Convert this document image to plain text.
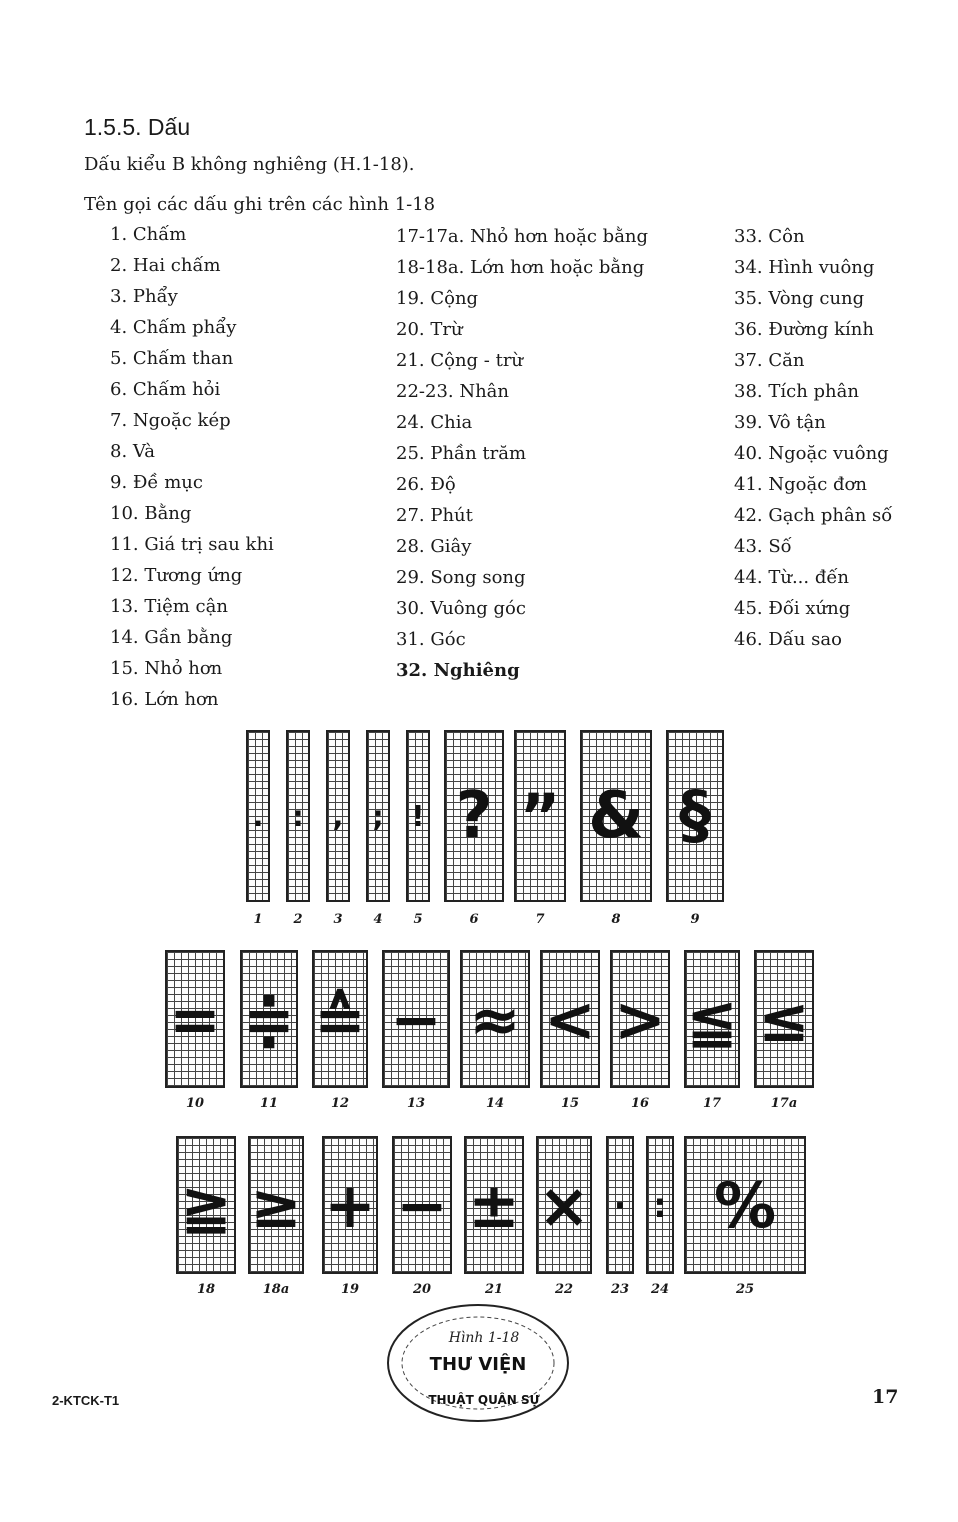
1.5.5. Dấu
Dấu kiểu B không nghiêng (H.1-18).
Tên gọi các dấu ghi trên các hình 1-18
1. Chấm
2. Hai chấm
3. Phẩy
4. Chấm phẩy
5. Chấm than
6. Chấm hỏi
7. Ngoặc kép
8. Và
9. Đề mục
10. Bằng
11. Giá trị sau khi
12. Tương ứng
13. Tiệm cận
14. Gần bằng
15. Nhỏ hơn
16. Lớn hơn
17-17a. Nhỏ hơn hoặc bằng
18-18a. Lớn hơn hoặc bằng
19. Cộng
20. Trừ
21. Cộng - trừ
22-23. Nhân
24. Chia
25. Phần trăm
26. Độ
27. Phút
28. Giây
29. Song song
30. Vuông góc
31. Góc
32. Nghiêng
33. Côn
34. Hình vuông
35. Vòng cung
36. Đường kính
37. Căn
38. Tích phân
39. Vô tận
40. Ngoặc vuông
41. Ngoặc đơn
42. Gạch phân số
43. Số
44. Từ... đến
45. Đối xứng
46. Dấu sao
.
1
:
2
,
3
;
4
!
5
?
6
”
7
&
8
§
9
=
10
≑
11
≙
12
−
13
≈
14
<
15
>
16
≦
17
≤
17a
≧
18
≥
18a
+
19
−
20
±
21
×
22
·
23
:
24
%
25
Hình 1-18
THƯ VIỆN
THUẬT QUÂN SỰ
2-KTCK-T1	17
